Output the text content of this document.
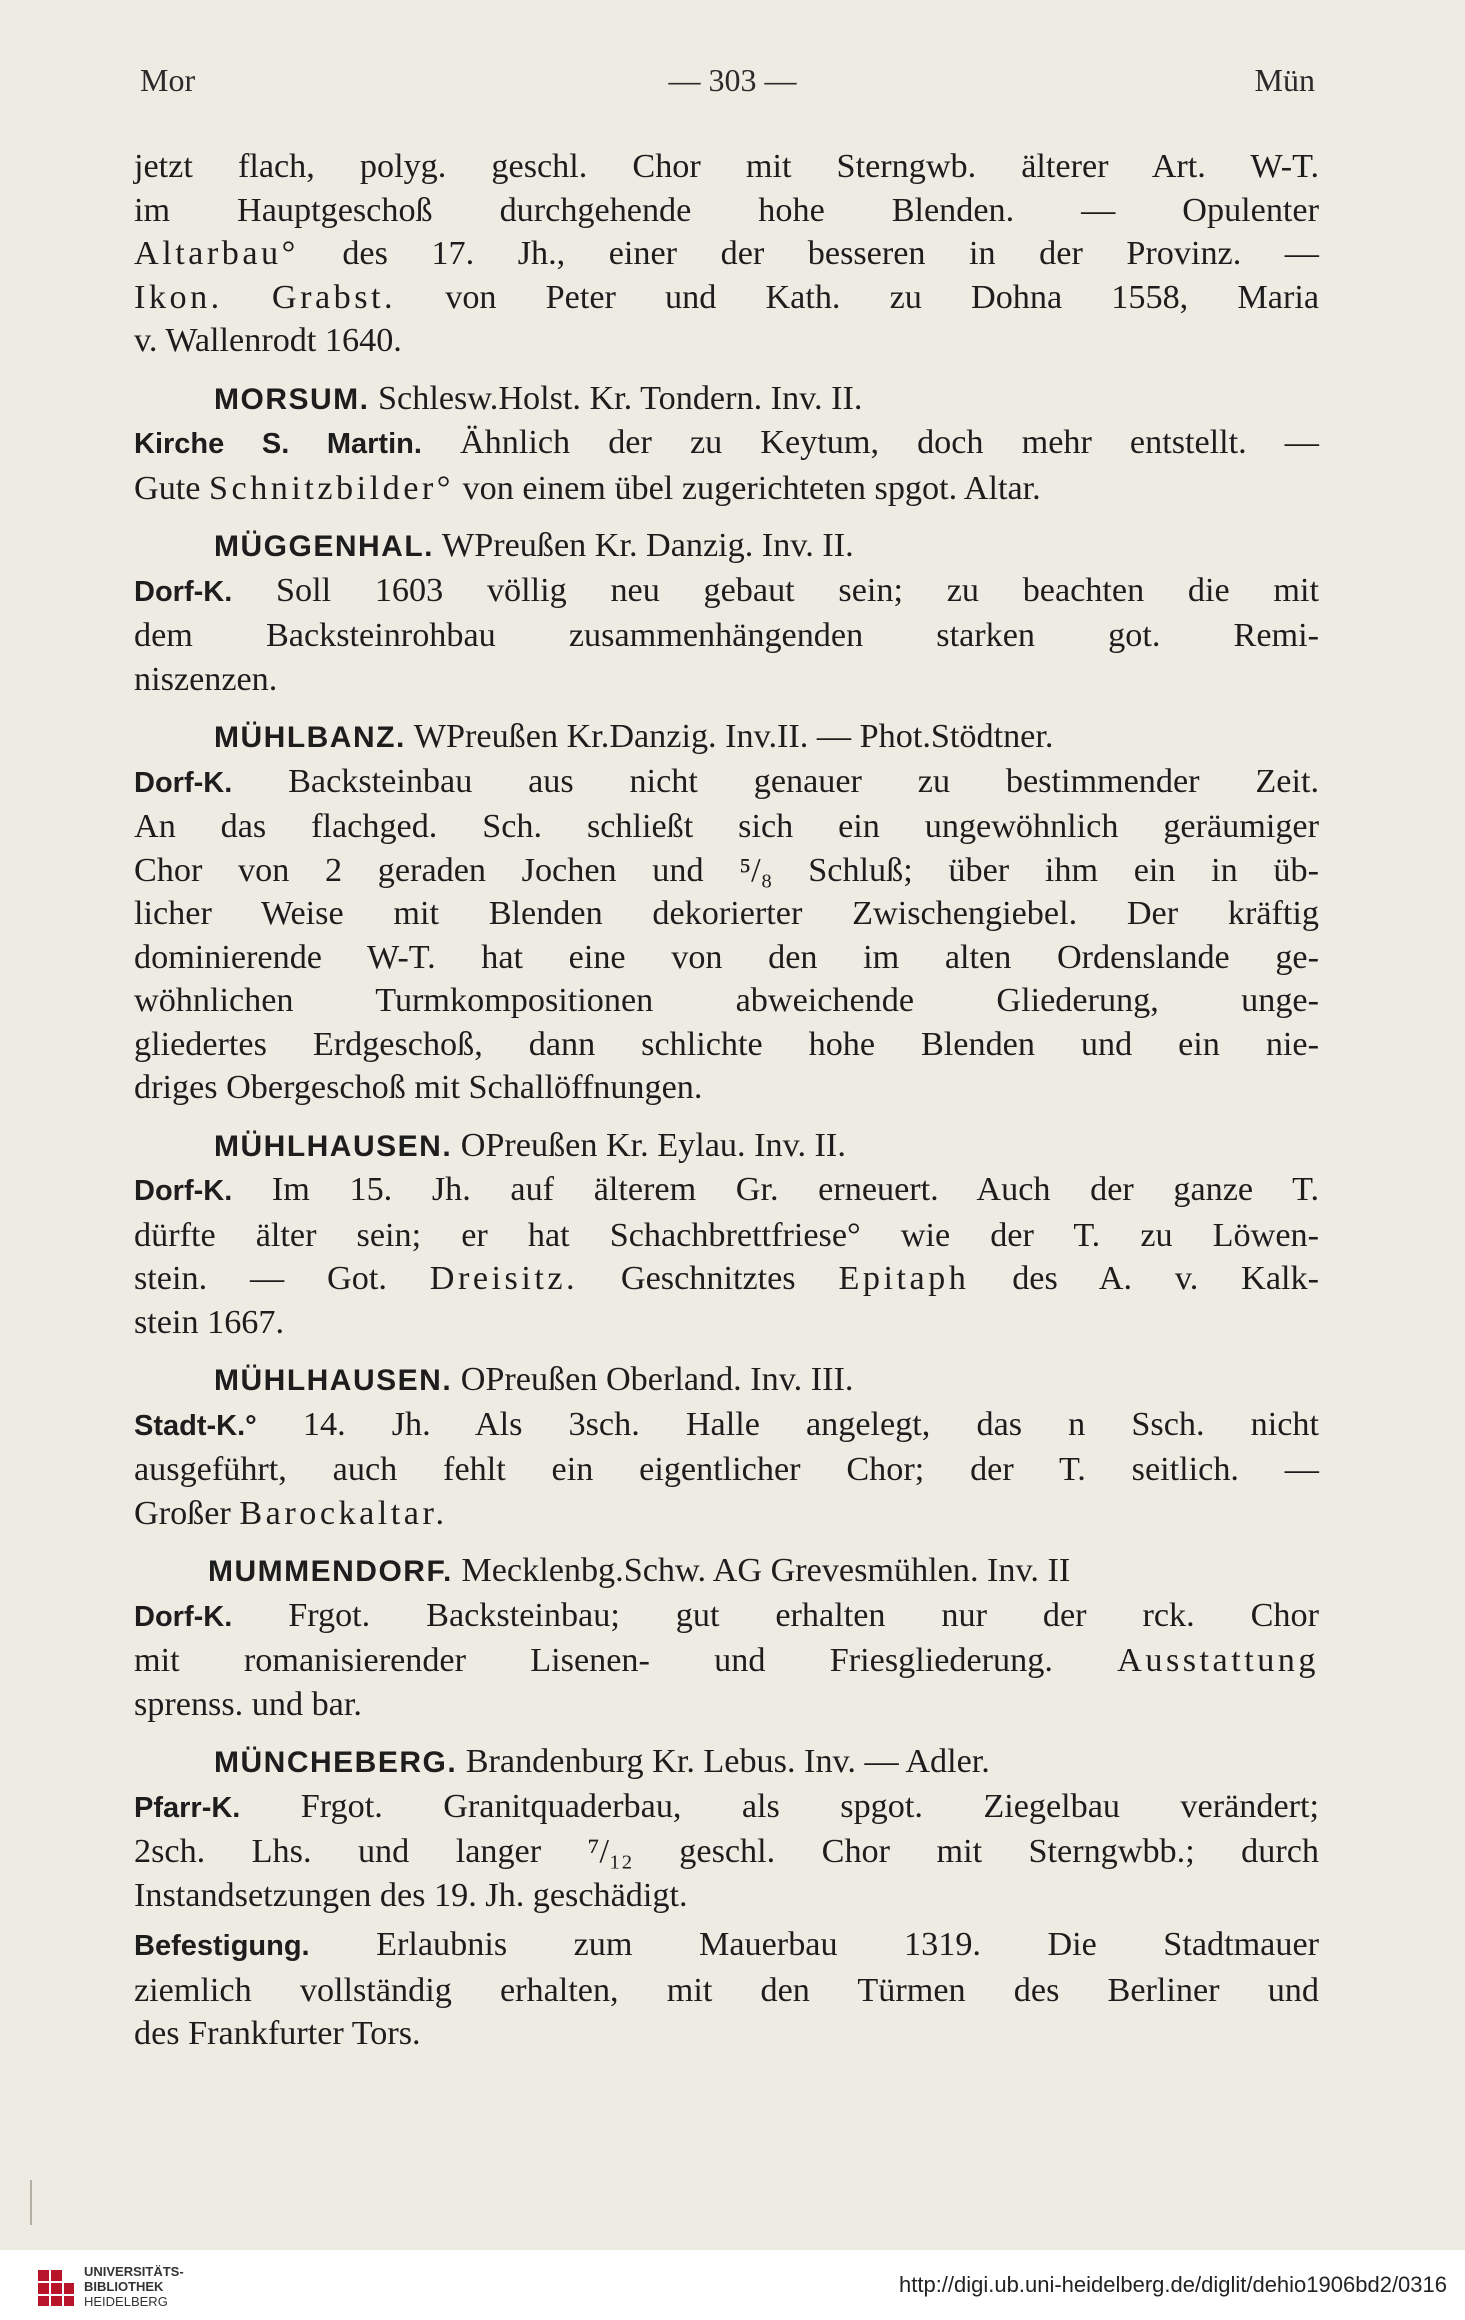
Mor	— 303 —	Mün
jetzt flach, polyg. geschl. Chor mit Sterngwb. älterer Art. W-T.
im Hauptgeschoß durchgehende hohe Blenden. — Opulenter
Altarbau° des 17. Jh., einer der besseren in der Provinz. —
Ikon. Grabst. von Peter und Kath. zu Dohna 1558, Maria
v. Wallenrodt 1640.
MORSUM. Schlesw.Holst. Kr. Tondern. Inv. II.
Kirche S. Martin. Ähnlich der zu Keytum, doch mehr entstellt. —
Gute Schnitzbilder° von einem übel zugerichteten spgot. Altar.
MÜGGENHAL. WPreußen Kr. Danzig. Inv. II.
Dorf-K. Soll 1603 völlig neu gebaut sein; zu beachten die mit
dem Backsteinrohbau zusammenhängenden starken got. Remi-
niszenzen.
MÜHLBANZ. WPreußen Kr.Danzig. Inv.II. — Phot.Stödtner.
Dorf-K. Backsteinbau aus nicht genauer zu bestimmender Zeit.
An das flachged. Sch. schließt sich ein ungewöhnlich geräumiger
Chor von 2 geraden Jochen und ⁵/₈ Schluß; über ihm ein in üb-
licher Weise mit Blenden dekorierter Zwischengiebel. Der kräftig
dominierende W-T. hat eine von den im alten Ordenslande ge-
wöhnlichen Turmkompositionen abweichende Gliederung, unge-
gliedertes Erdgeschoß, dann schlichte hohe Blenden und ein nie-
driges Obergeschoß mit Schallöffnungen.
MÜHLHAUSEN. OPreußen Kr. Eylau. Inv. II.
Dorf-K. Im 15. Jh. auf älterem Gr. erneuert. Auch der ganze T.
dürfte älter sein; er hat Schachbrettfriese° wie der T. zu Löwen-
stein. — Got. Dreisitz. Geschnitztes Epitaph des A. v. Kalk-
stein 1667.
MÜHLHAUSEN. OPreußen Oberland. Inv. III.
Stadt-K.° 14. Jh. Als 3sch. Halle angelegt, das n Ssch. nicht
ausgeführt, auch fehlt ein eigentlicher Chor; der T. seitlich. —
Großer Barockaltar.
MUMMENDORF. Mecklenbg.Schw. AG Grevesmühlen. Inv. II
Dorf-K. Frgot. Backsteinbau; gut erhalten nur der rck. Chor
mit romanisierender Lisenen- und Friesgliederung. Ausstattung
sprenss. und bar.
MÜNCHEBERG. Brandenburg Kr. Lebus. Inv. — Adler.
Pfarr-K. Frgot. Granitquaderbau, als spgot. Ziegelbau verändert;
2sch. Lhs. und langer ⁷/₁₂ geschl. Chor mit Sterngwbb.; durch
Instandsetzungen des 19. Jh. geschädigt.
Befestigung. Erlaubnis zum Mauerbau 1319. Die Stadtmauer
ziemlich vollständig erhalten, mit den Türmen des Berliner und
des Frankfurter Tors.
UNIVERSITÄTS-
BIBLIOTHEK
HEIDELBERG
http://digi.ub.uni-heidelberg.de/diglit/dehio1906bd2/0316
